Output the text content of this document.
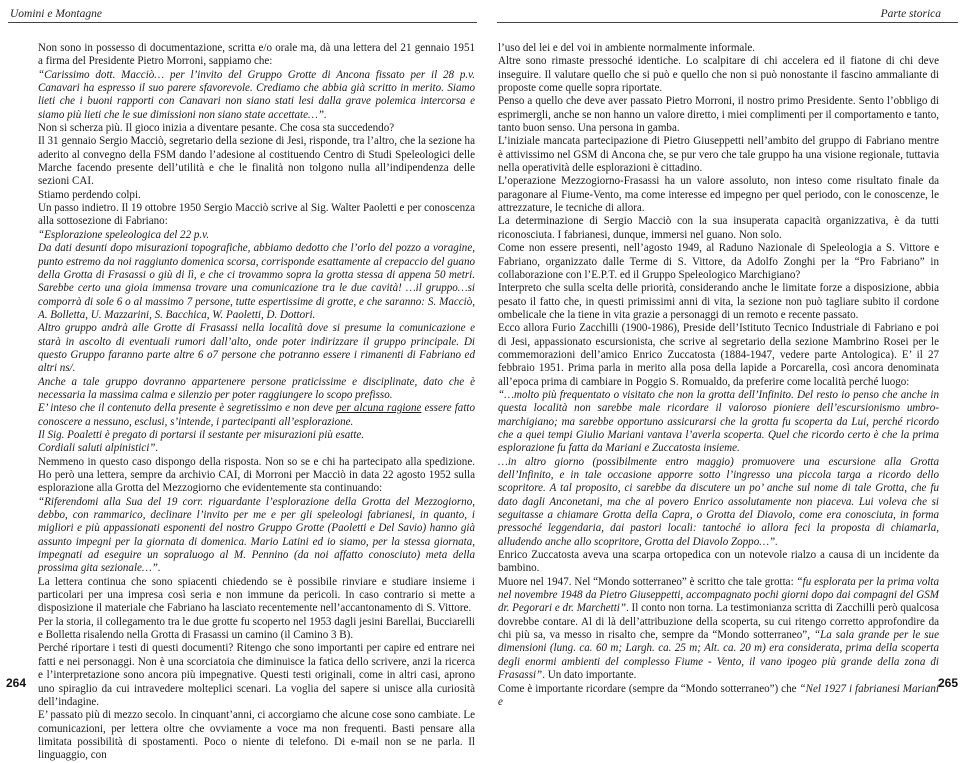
Uomini e Montagne

Non sono in possesso di documentazione, scritta e/o orale ma, dà una lettera del 21 gennaio 1951 a firma del Presidente Pietro Morroni, sappiamo che:

“Carissimo dott. Macciò… per l’invito del Gruppo Grotte di Ancona fissato per il 28 p.v. Canavari ha espresso il suo parere sfavorevole. Crediamo che abbia già scritto in merito. Siamo lieti che i buoni rapporti con Canavari non siano stati lesi dalla grave polemica intercorsa e siamo più lieti che le sue dimissioni non siano state accettate…”.

Non si scherza più. Il gioco inizia a diventare pesante. Che cosa sta succedendo?

Il 31 gennaio Sergio Macciò, segretario della sezione di Jesi, risponde, tra l’altro, che la sezione ha aderito al convegno della FSM dando l’adesione al costituendo Centro di Studi Speleologici delle Marche facendo presente dell’utilità e che le finalità non tolgono nulla all’indipendenza delle sezioni CAI.

Stiamo perdendo colpi.

Un passo indietro. Il 19 ottobre 1950 Sergio Macciò scrive al Sig. Walter Paoletti e per conoscenza alla sottosezione di Fabriano:

“Esplorazione speleologica del 22 p.v.

Da dati desunti dopo misurazioni topografiche, abbiamo dedotto che l’orlo del pozzo a voragine, punto estremo da noi raggiunto domenica scorsa, corrisponde esattamente al crepaccio del guano della Grotta di Frasassi o giù di lì, e che ci trovammo sopra la grotta stessa di appena 50 metri. Sarebbe certo una gioia immensa trovare una comunicazione tra le due cavità! …il gruppo…si comporrà di sole 6 o al massimo 7 persone, tutte espertissime di grotte, e che saranno: S. Macciò, A. Bolletta, U. Mazzarini, S. Bacchica, W. Paoletti, D. Dottori.

Altro gruppo andrà alle Grotte di Frasassi nella località dove si presume la comunicazione e starà in ascolto di eventuali rumori dall’alto, onde poter indirizzare il gruppo principale. Di questo Gruppo faranno parte altre 6 o7 persone che potranno essere i rimanenti di Fabriano ed altri ns/.

Anche a tale gruppo dovranno appartenere persone praticissime e disciplinate, dato che è necessaria la massima calma e silenzio per poter raggiungere lo scopo prefisso.

E’ inteso che il contenuto della presente è segretissimo e non deve per alcuna ragione essere fatto conoscere a nessuno, esclusi, s’intende, i partecipanti all’esplorazione.

Il Sig. Poaletti è pregato di portarsi il sestante per misurazioni più esatte.

Cordiali saluti alpinistici”.

Nemmeno in questo caso dispongo della risposta. Non so se e chi ha partecipato alla spedizione. Ho però una lettera, sempre da archivio CAI, di Morroni per Macciò in data 22 agosto 1952 sulla esplorazione alla Grotta del Mezzogiorno che evidentemente sta continuando:

“Riferendomi alla Sua del 19 corr. riguardante l’esplorazione della Grotta del Mezzogiorno, debbo, con rammarico, declinare l’invito per me e per gli speleologi fabrianesi, in quanto, i migliori e più appassionati esponenti del nostro Gruppo Grotte (Paoletti e Del Savio) hanno già assunto impegni per la giornata di domenica. Mario Latini ed io siamo, per la stessa giornata, impegnati ad eseguire un sopraluogo al M. Pennino (da noi affatto conosciuto) meta della prossima gita sezionale…”.

La lettera continua che sono spiacenti chiedendo se è possibile rinviare e studiare insieme i particolari per una impresa così seria e non immune da pericoli. In caso contrario si mette a disposizione il materiale che Fabriano ha lasciato recentemente nell’accantonamento di S. Vittore.

Per la storia, il collegamento tra le due grotte fu scoperto nel 1953 dagli jesini Barellai, Bucciarelli e Bolletta risalendo nella Grotta di Frasassi un camino (il Camino 3 B).

Perché riportare i testi di questi documenti? Ritengo che sono importanti per capire ed entrare nei fatti e nei personaggi. Non è una scorciatoia che diminuisce la fatica dello scrivere, anzi la ricerca e l’interpretazione sono ancora più impegnative. Questi testi originali, come in altri casi, aprono uno spiraglio da cui intravedere molteplici scenari. La voglia del sapere si unisce alla curiosità dell’indagine.

E’ passato più di mezzo secolo. In cinquant’anni, ci accorgiamo che alcune cose sono cambiate. Le comunicazioni, per lettera oltre che ovviamente a voce ma non frequenti. Basti pensare alla limitata possibilità di spostamenti. Poco o niente di telefono. Di e-mail non se ne parla. Il linguaggio, con

264
Parte storica

l’uso del lei e del voi in ambiente normalmente informale.

Altre sono rimaste pressoché identiche. Lo scalpitare di chi accelera ed il fiatone di chi deve inseguire. Il valutare quello che si può e quello che non si può nonostante il fascino ammaliante di proposte come quelle sopra riportate.

Penso a quello che deve aver passato Pietro Morroni, il nostro primo Presidente. Sento l’obbligo di esprimergli, anche se non hanno un valore diretto, i miei complimenti per il comportamento e tanto, tanto buon senso. Una persona in gamba.

L’iniziale mancata partecipazione di Pietro Giuseppetti nell’ambito del gruppo di Fabriano mentre è attivissimo nel GSM di Ancona che, se pur vero che tale gruppo ha una visione regionale, tuttavia nella operatività delle esplorazioni è cittadino.

L’operazione Mezzogiorno-Frasassi ha un valore assoluto, non inteso come risultato finale da paragonare al Fiume-Vento, ma come interesse ed impegno per quel periodo, con le conoscenze, le attrezzature, le tecniche di allora.

La determinazione di Sergio Macciò con la sua insuperata capacità organizzativa, è da tutti riconosciuta. I fabrianesi, dunque, immersi nel guano. Non solo.

Come non essere presenti, nell’agosto 1949, al Raduno Nazionale di Speleologia a S. Vittore e Fabriano, organizzato dalle Terme di S. Vittore, da Adolfo Zonghi per la “Pro Fabriano” in collaborazione con l’E.P.T. ed il Gruppo Speleologico Marchigiano?

Interpreto che sulla scelta delle priorità, considerando anche le limitate forze a disposizione, abbia pesato il fatto che, in questi primissimi anni di vita, la sezione non può tagliare subito il cordone ombelicale che la tiene in vita grazie a personaggi di un remoto e recente passato.

Ecco allora Furio Zacchilli (1900-1986), Preside dell’Istituto Tecnico Industriale di Fabriano e poi di Jesi, appassionato escursionista, che scrive al segretario della sezione Mambrino Rosei per le commemorazioni dell’amico Enrico Zuccatosta (1884-1947, vedere parte Antologica). E’ il 27 febbraio 1951. Prima parla in merito alla posa della lapide a Porcarella, così ancora denominata all’epoca prima di cambiare in Poggio S. Romualdo, da preferire come località perché luogo:

“…molto più frequentato o visitato che non la grotta dell’Infinito. Del resto io penso che anche in questa località non sarebbe male ricordare il valoroso pioniere dell’escursionismo umbro-marchigiano; ma sarebbe opportuno assicurarsi che la grotta fu scoperta da Lui, perché ricordo che a quei tempi Giulio Mariani vantava l’averla scoperta. Quel che ricordo certo è che la prima esplorazione fu fatta da Mariani e Zuccatosta insieme.

…in altro giorno (possibilmente entro maggio) promuovere una escursione alla Grotta dell’Infinito, e in tale occasione apporre sotto l’ingresso una piccola targa a ricordo dello scopritore. A tal proposito, ci sarebbe da discutere un po’ anche sul nome di tale Grotta, che fu dato dagli Anconetani, ma che al povero Enrico assolutamente non piaceva. Lui voleva che si seguitasse a chiamare Grotta della Capra, o Grotta del Diavolo, come era conosciuta, in forma pressoché leggendaria, dai pastori locali: tantoché io allora feci la proposta di chiamarla, alludendo anche allo scopritore, Grotta del Diavolo Zoppo…”.

Enrico Zuccatosta aveva una scarpa ortopedica con un notevole rialzo a causa di un incidente da bambino.

Muore nel 1947. Nel “Mondo sotterraneo” è scritto che tale grotta: “fu esplorata per la prima volta nel novembre 1948 da Pietro Giuseppetti, accompagnato pochi giorni dopo dai compagni del GSM dr. Pegorari e dr. Marchetti”. Il conto non torna. La testimonianza scritta di Zacchilli però qualcosa dovrebbe contare. Al di là dell’attribuzione della scoperta, su cui ritengo corretto approfondire da chi più sa, va messo in risalto che, sempre da “Mondo sotterraneo”, “La sala grande per le sue dimensioni (lung. ca. 60 m; Largh. ca. 25 m; Alt. ca. 20 m) era considerata, prima della scoperta degli enormi ambienti del complesso Fiume - Vento, il vano ipogeo più grande della zona di Frasassi”. Un dato importante.

Come è importante ricordare (sempre da “Mondo sotterraneo”) che “Nel 1927 i fabrianesi Mariani e

265
